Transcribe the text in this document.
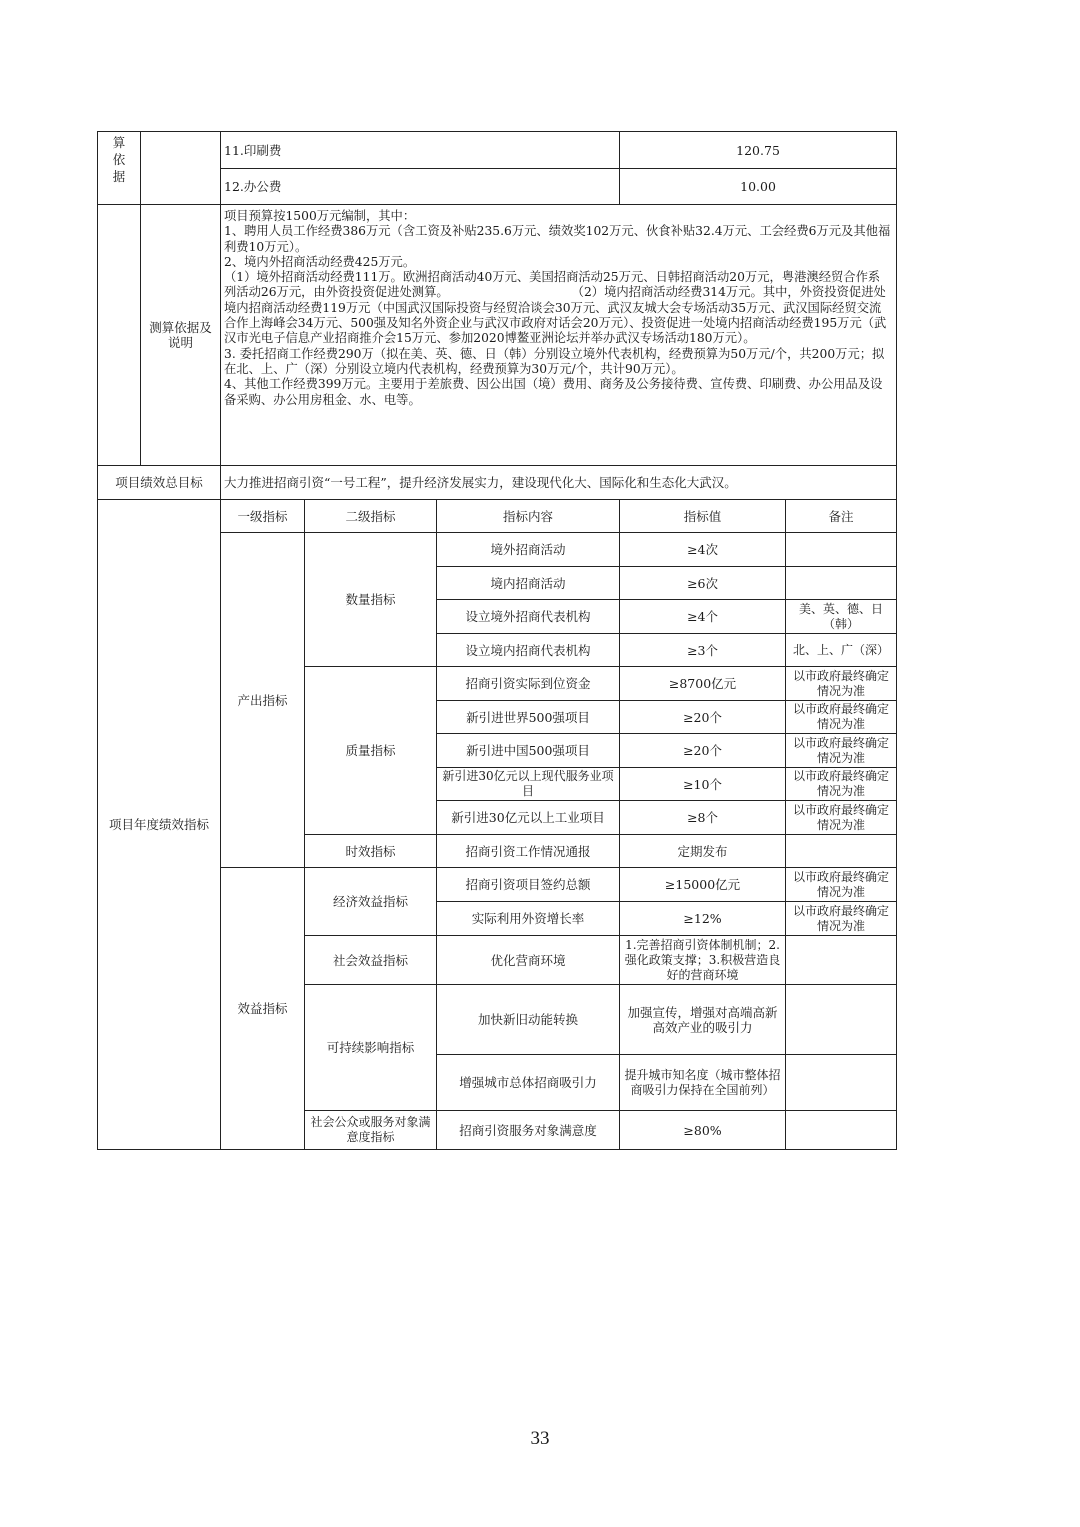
算依据		11.印刷费			120.75	
		12.办公费			10.00	
	测算依据及说明	项目预算按1500万元编制，其中：
1、聘用人员工作经费386万元（含工资及补贴235.6万元、绩效奖102万元、伙食补贴32.4万元、工会经费6万元及其他福利费10万元）。
2、境内外招商活动经费425万元。
（1）境外招商活动经费111万。欧洲招商活动40万元、美国招商活动25万元、日韩招商活动20万元，粤港澳经贸合作系列活动26万元，由外资投资促进处测算。　　　　　　　　　　　（2）境内招商活动经费314万元。其中，外资投资促进处境内招商活动经费119万元（中国武汉国际投资与经贸洽谈会30万元、武汉友城大会专场活动35万元、武汉国际经贸交流合作上海峰会34万元、500强及知名外资企业与武汉市政府对话会20万元）、投资促进一处境内招商活动经费195万元（武汉市光电子信息产业招商推介会15万元、参加2020博鳌亚洲论坛并举办武汉专场活动180万元）。　　　　　　　　　　　3. 委托招商工作经费290万（拟在美、英、德、日（韩）分别设立境外代表机构，经费预算为50万元/个，共200万元；拟在北、上、广（深）分别设立境内代表机构，经费预算为30万元/个，共计90万元）。
4、其他工作经费399万元。主要用于差旅费、因公出国（境）费用、商务及公务接待费、宣传费、印刷费、办公用品及设备采购、办公用房租金、水、电等。				

项目绩效总目标		大力推进招商引资“一号工程”，提升经济发展实力，建设现代化大、国际化和生态化大武汉。				
项目年度绩效指标		一级指标	二级指标	指标内容	指标值	备注
		产出指标	数量指标	境外招商活动	≥4次	
				境内招商活动	≥6次	
				设立境外招商代表机构	≥4个	美、英、德、日（韩）
				设立境内招商代表机构	≥3个	北、上、广（深）
			质量指标	招商引资实际到位资金	≥8700亿元	以市政府最终确定情况为准
				新引进世界500强项目	≥20个	以市政府最终确定情况为准
				新引进中国500强项目	≥20个	以市政府最终确定情况为准
				新引进30亿元以上现代服务业项目	≥10个	以市政府最终确定情况为准
				新引进30亿元以上工业项目	≥8个	以市政府最终确定情况为准
			时效指标	招商引资工作情况通报	定期发布	
		效益指标	经济效益指标	招商引资项目签约总额	≥15000亿元	以市政府最终确定情况为准
				实际利用外资增长率	≥12%	以市政府最终确定情况为准
			社会效益指标	优化营商环境	1.完善招商引资体制机制；2.强化政策支撑；3.积极营造良好的营商环境	
			可持续影响指标	加快新旧动能转换	加强宣传，增强对高端高新高效产业的吸引力	
				增强城市总体招商吸引力	提升城市知名度（城市整体招商吸引力保持在全国前列）	
			社会公众或服务对象满意度指标	招商引资服务对象满意度	≥80%	
33
